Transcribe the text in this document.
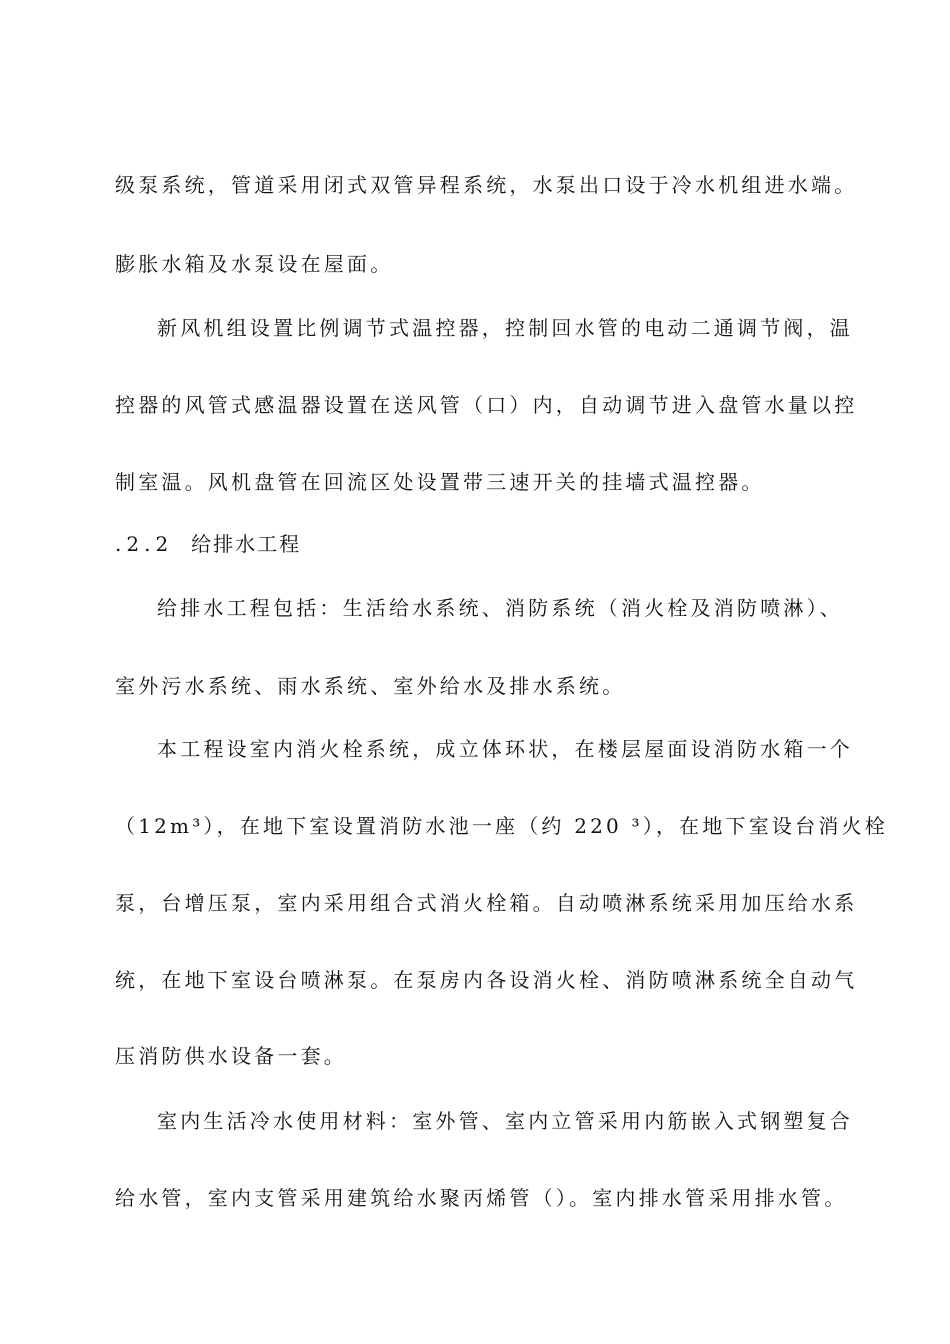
级泵系统，管道采用闭式双管异程系统，水泵出口设于冷水机组进水端。
膨胀水箱及水泵设在屋面。
新风机组设置比例调节式温控器，控制回水管的电动二通调节阀，温
控器的风管式感温器设置在送风管（口）内，自动调节进入盘管水量以控
制室温。风机盘管在回流区处设置带三速开关的挂墙式温控器。
.2.2 给排水工程
给排水工程包括：生活给水系统、消防系统（消火栓及消防喷淋）、
室外污水系统、雨水系统、室外给水及排水系统。
本工程设室内消火栓系统，成立体环状，在楼层屋面设消防水箱一个
（12m³），在地下室设置消防水池一座（约 220 ³），在地下室设台消火栓
泵，台增压泵，室内采用组合式消火栓箱。自动喷淋系统采用加压给水系
统，在地下室设台喷淋泵。在泵房内各设消火栓、消防喷淋系统全自动气
压消防供水设备一套。
室内生活冷水使用材料：室外管、室内立管采用内筋嵌入式钢塑复合
给水管，室内支管采用建筑给水聚丙烯管（）。室内排水管采用排水管。
